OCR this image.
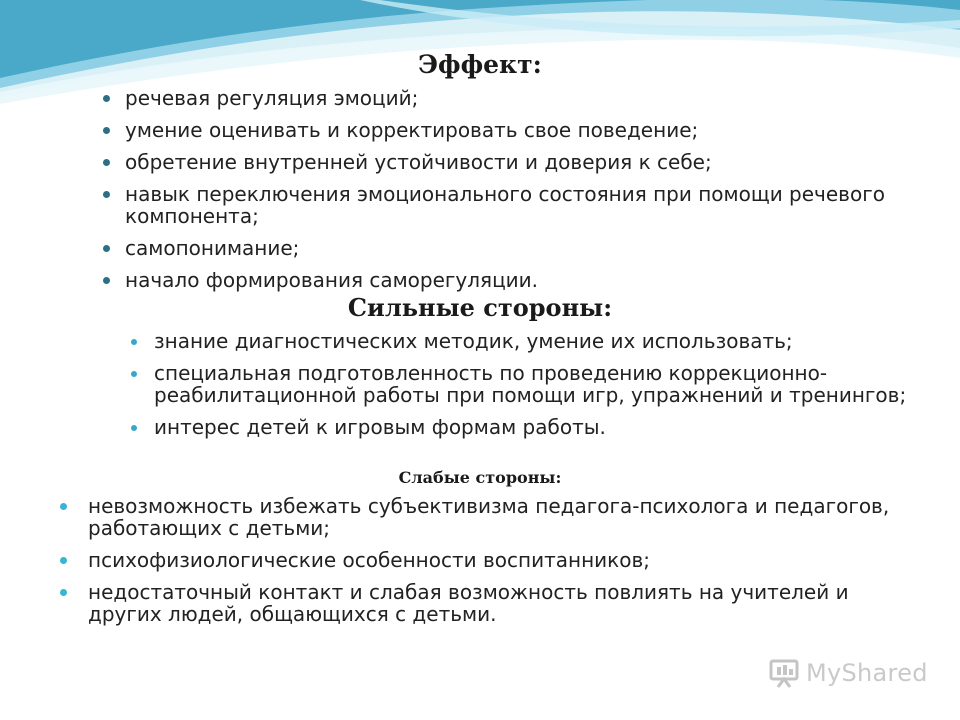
Эффект:
речевая регуляция эмоций;
умение оценивать и корректировать свое поведение;
обретение внутренней устойчивости и доверия к себе;
навык переключения эмоционального состояния при помощи речевого компонента;
самопонимание;
начало формирования саморегуляции.
Сильные стороны:
знание диагностических методик, умение их использовать;
специальная подготовленность по проведению коррекционно-реабилитационной работы при помощи игр, упражнений и тренингов;
интерес детей к игровым формам работы.
Слабые стороны:
невозможность избежать субъективизма педагога-психолога и педагогов, работающих с детьми;
психофизиологические особенности воспитанников;
недостаточный контакт и слабая возможность повлиять на учителей и других людей, общающихся с детьми.
MyShared
